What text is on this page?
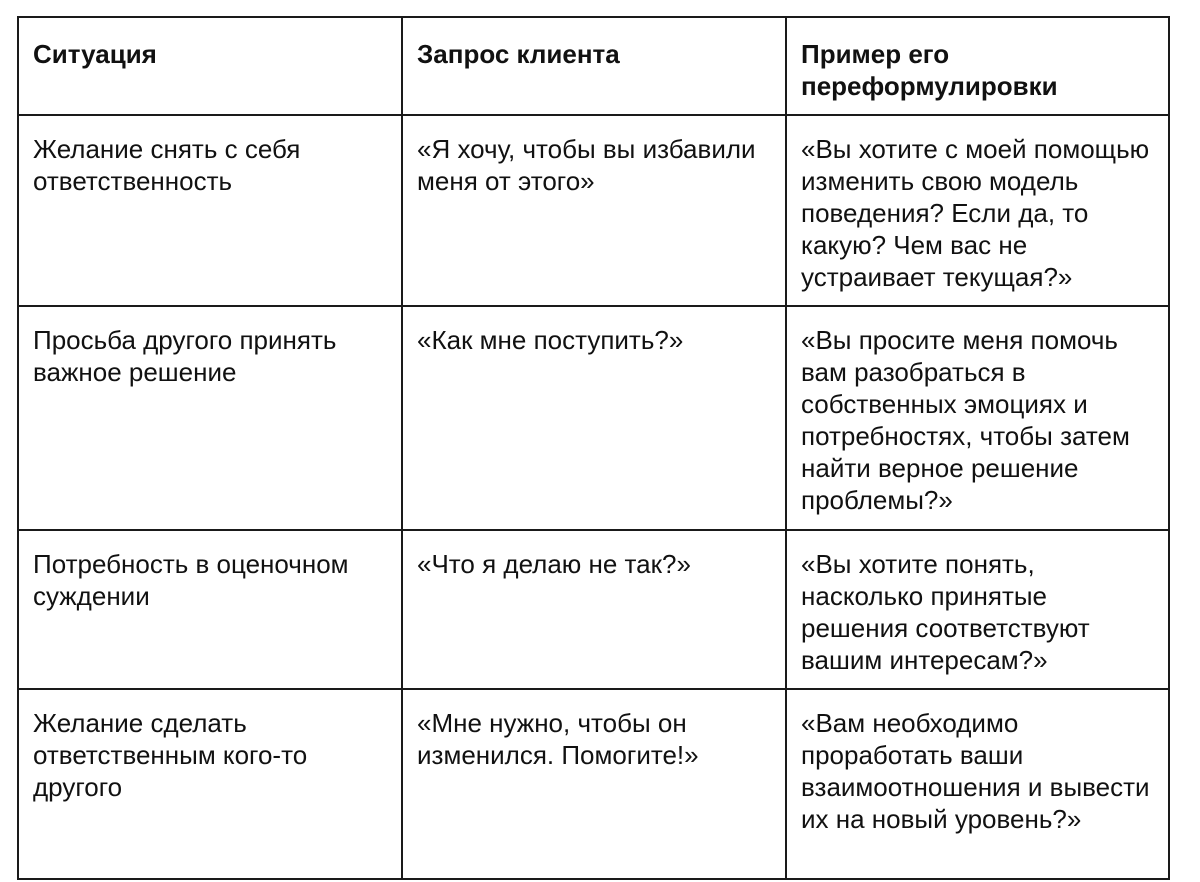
Ситуация	Запрос клиента	Пример его переформулировки

Желание снять с себя ответственность	«Я хочу, чтобы вы избавили меня от этого»	«Вы хотите с моей помощью изменить свою модель поведения? Если да, то какую? Чем вас не устраивает текущая?»

Просьба другого принять важное решение	«Как мне поступить?»	«Вы просите меня помочь вам разобраться в собственных эмоциях и потребностях, чтобы затем найти верное решение проблемы?»

Потребность в оценочном суждении	«Что я делаю не так?»	«Вы хотите понять, насколько принятые решения соответствуют вашим интересам?»

Желание сделать ответственным кого-то другого	«Мне нужно, чтобы он изменился. Помогите!»	«Вам необходимо проработать ваши взаимоотношения и вывести их на новый уровень?»
